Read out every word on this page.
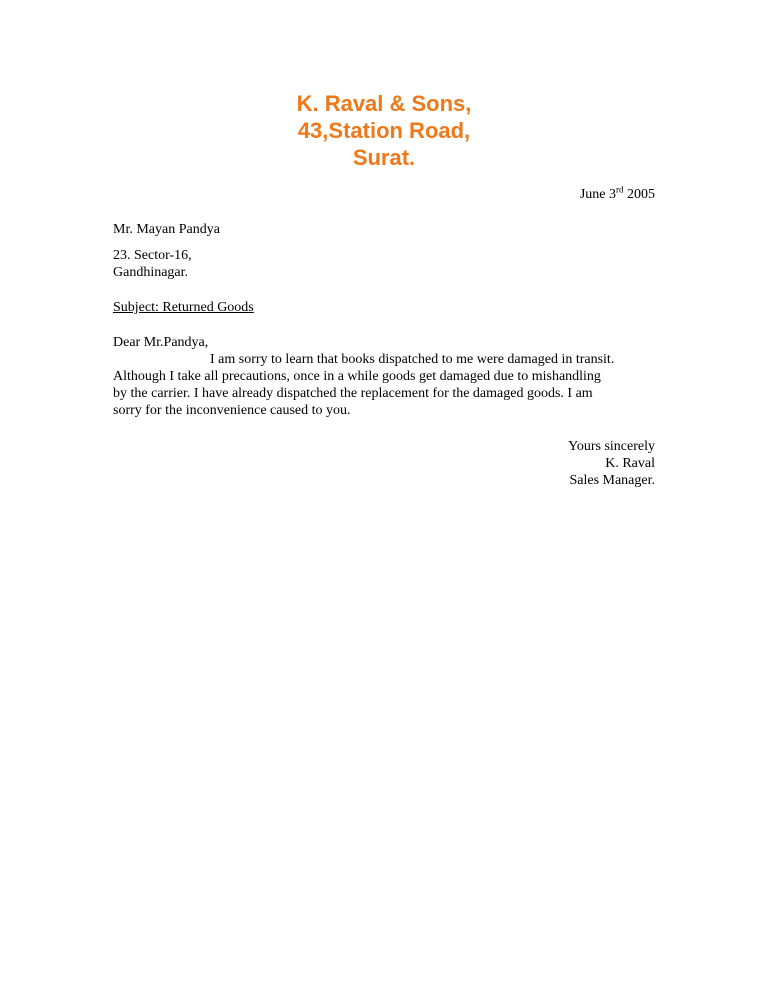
K. Raval & Sons,
43,Station Road,
Surat.
June 3rd 2005
Mr. Mayan Pandya
23. Sector-16,
Gandhinagar.
Subject: Returned Goods
Dear Mr.Pandya,
I am sorry to learn that books dispatched to me were damaged in transit.
Although I take all precautions, once in a while goods get damaged due to mishandling
by the carrier. I have already dispatched the replacement for the damaged goods. I am
sorry for the inconvenience caused to you.
Yours sincerely
K. Raval
Sales Manager.
